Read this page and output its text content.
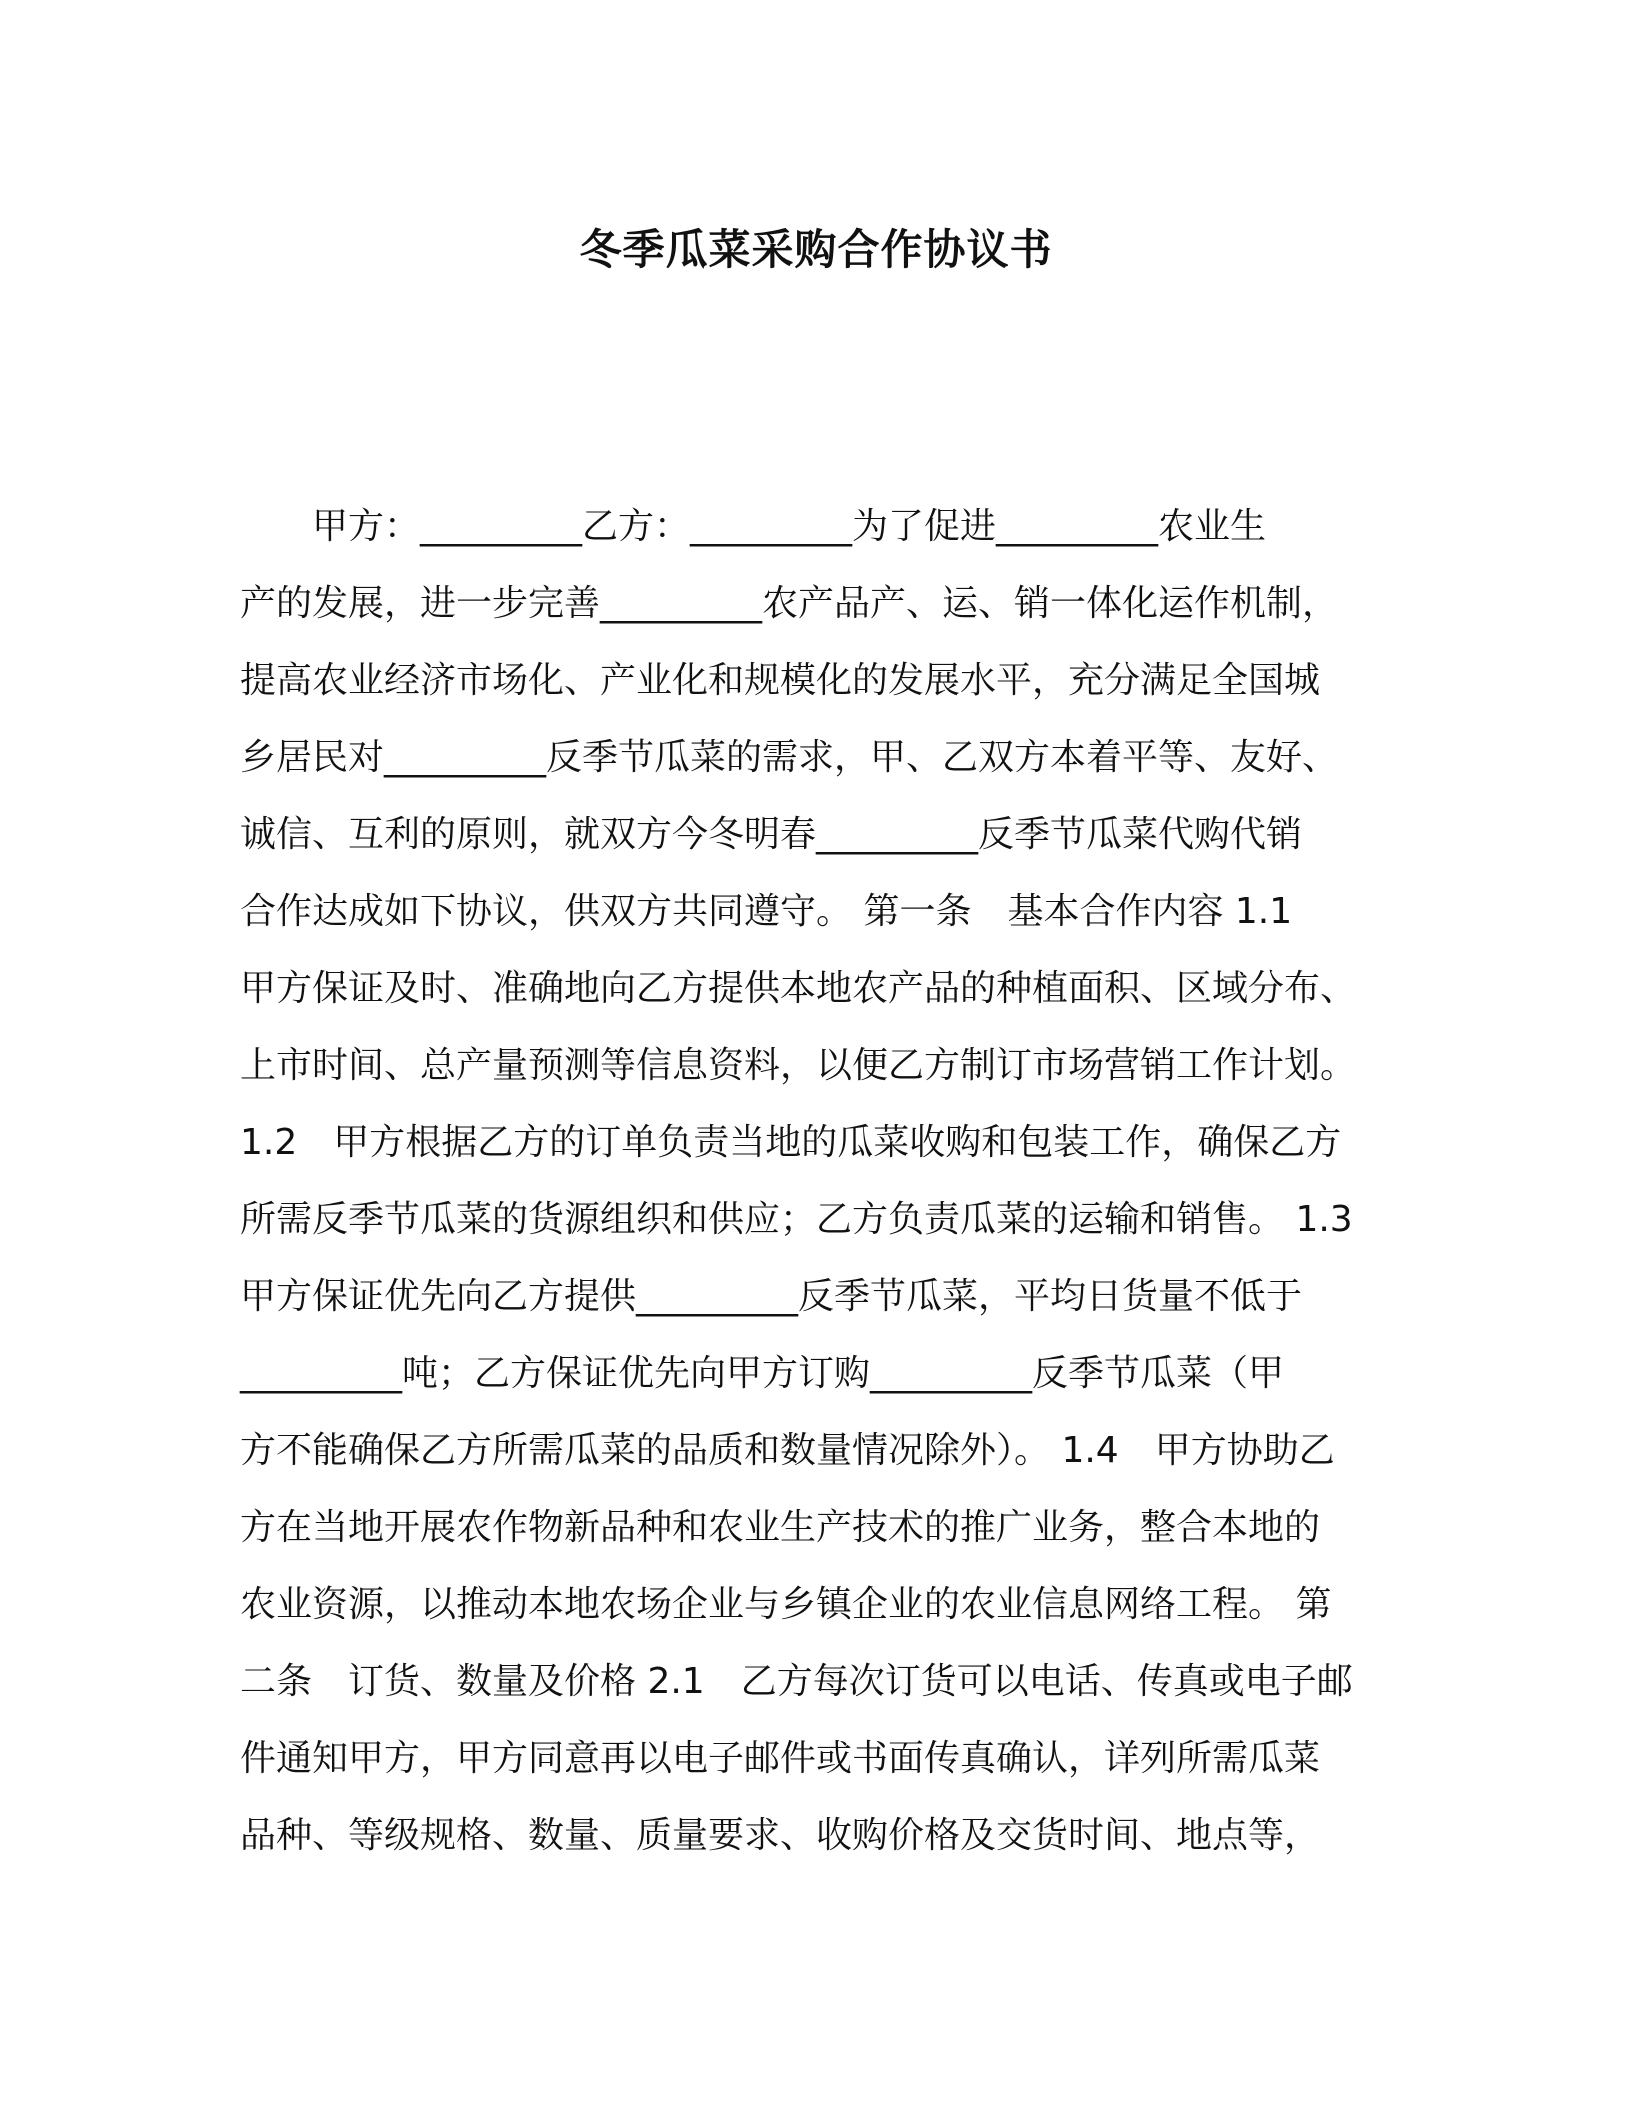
冬季瓜菜采购合作协议书
　　甲方：_________乙方：_________为了促进_________农业生
产的发展，进一步完善_________农产品产、运、销一体化运作机制，
提高农业经济市场化、产业化和规模化的发展水平，充分满足全国城
乡居民对_________反季节瓜菜的需求，甲、乙双方本着平等、友好、
诚信、互利的原则，就双方今冬明春_________反季节瓜菜代购代销
合作达成如下协议，供双方共同遵守。 第一条　基本合作内容 1.1
甲方保证及时、准确地向乙方提供本地农产品的种植面积、区域分布、
上市时间、总产量预测等信息资料，以便乙方制订市场营销工作计划。
1.2　甲方根据乙方的订单负责当地的瓜菜收购和包装工作，确保乙方
所需反季节瓜菜的货源组织和供应；乙方负责瓜菜的运输和销售。 1.3
甲方保证优先向乙方提供_________反季节瓜菜，平均日货量不低于
_________吨；乙方保证优先向甲方订购_________反季节瓜菜（甲
方不能确保乙方所需瓜菜的品质和数量情况除外）。 1.4　甲方协助乙
方在当地开展农作物新品种和农业生产技术的推广业务，整合本地的
农业资源，以推动本地农场企业与乡镇企业的农业信息网络工程。 第
二条　订货、数量及价格 2.1　乙方每次订货可以电话、传真或电子邮
件通知甲方，甲方同意再以电子邮件或书面传真确认，详列所需瓜菜
品种、等级规格、数量、质量要求、收购价格及交货时间、地点等，
